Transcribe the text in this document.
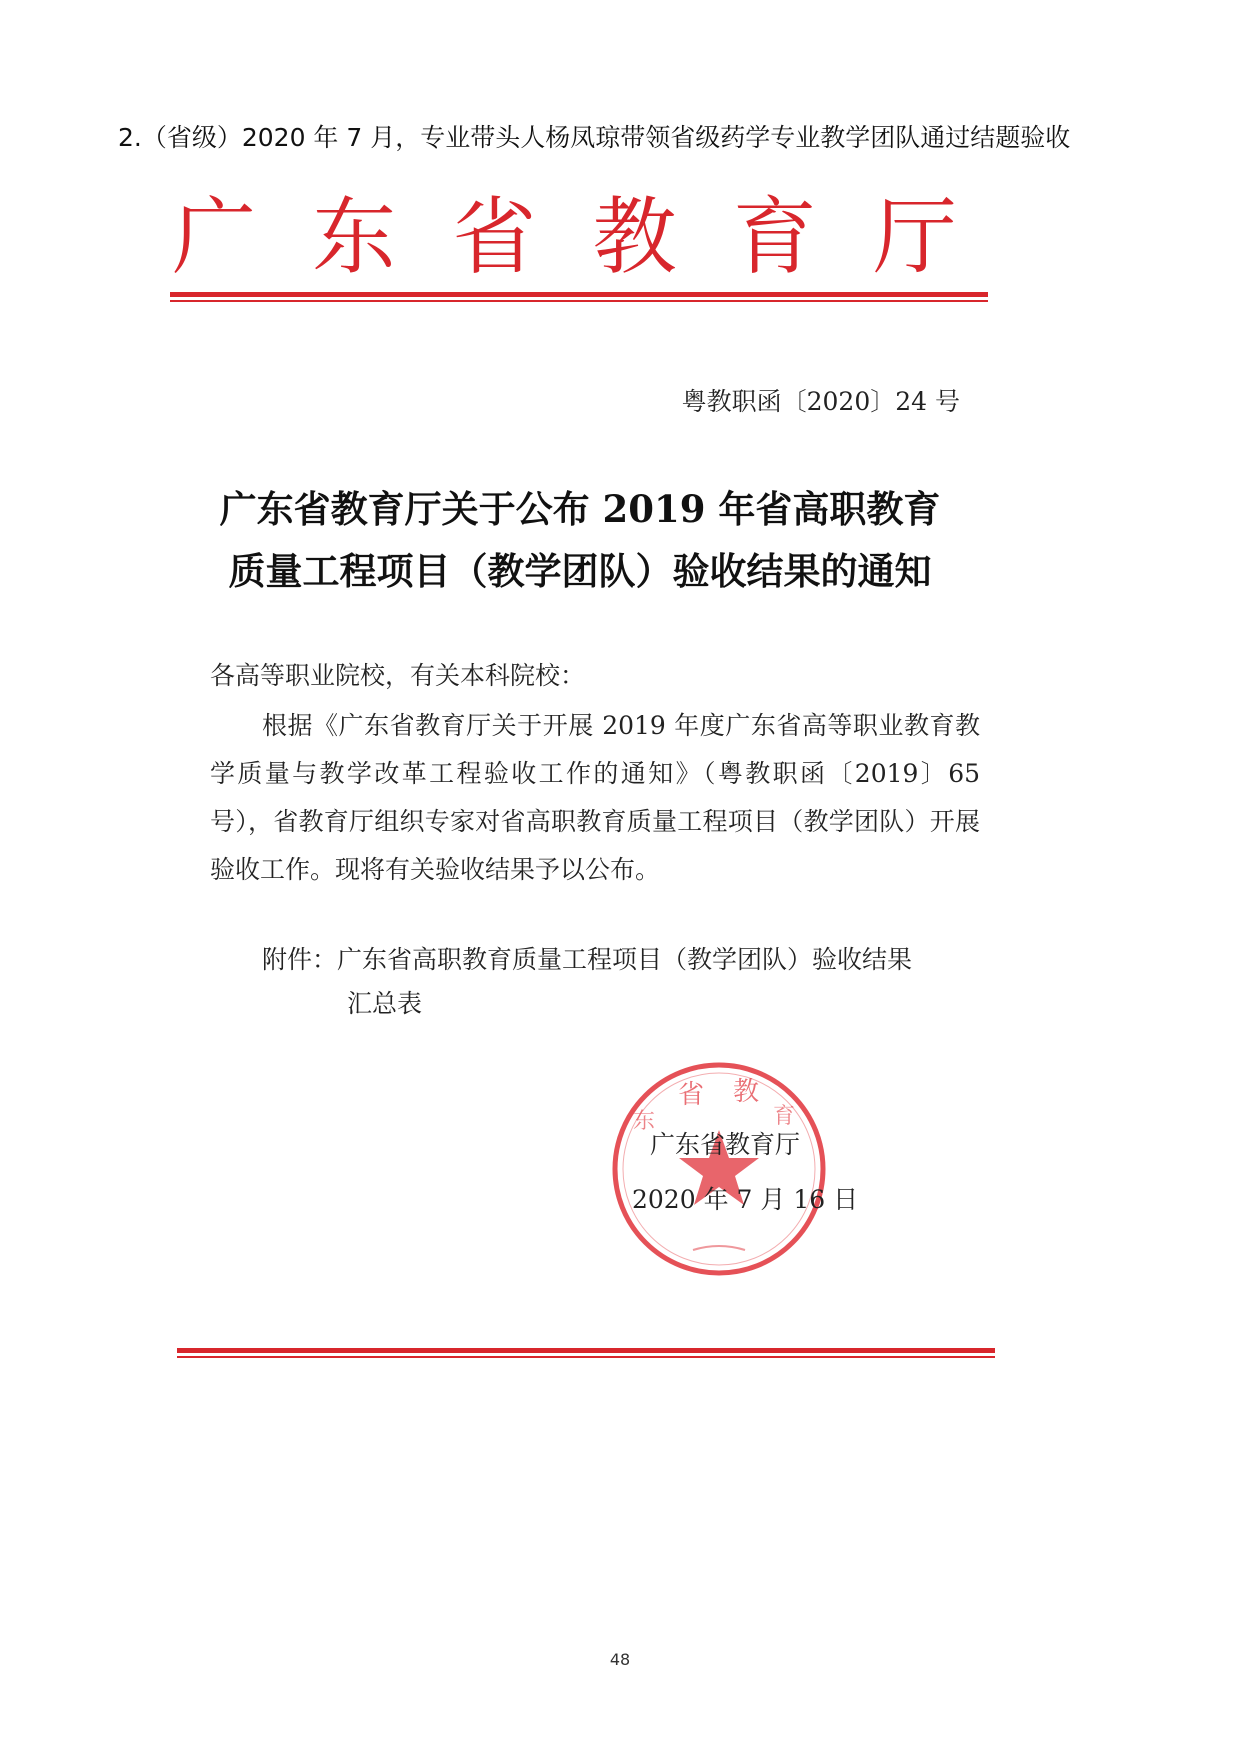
2.（省级）2020 年 7 月，专业带头人杨凤琼带领省级药学专业教学团队通过结题验收
广 东 省 教 育 厅
粤教职函〔2020〕24 号
广东省教育厅关于公布 2019 年省高职教育
质量工程项目（教学团队）验收结果的通知
各高等职业院校，有关本科院校：
根据《广东省教育厅关于开展 2019 年度广东省高等职业教育教学质量与教学改革工程验收工作的通知》（粤教职函〔2019〕65 号），省教育厅组织专家对省高职教育质量工程项目（教学团队）开展验收工作。现将有关验收结果予以公布。
附件： 广东省高职教育质量工程项目（教学团队）验收结果
汇总表
省 教
育
东
广东省教育厅
2020 年 7 月 16 日
48
